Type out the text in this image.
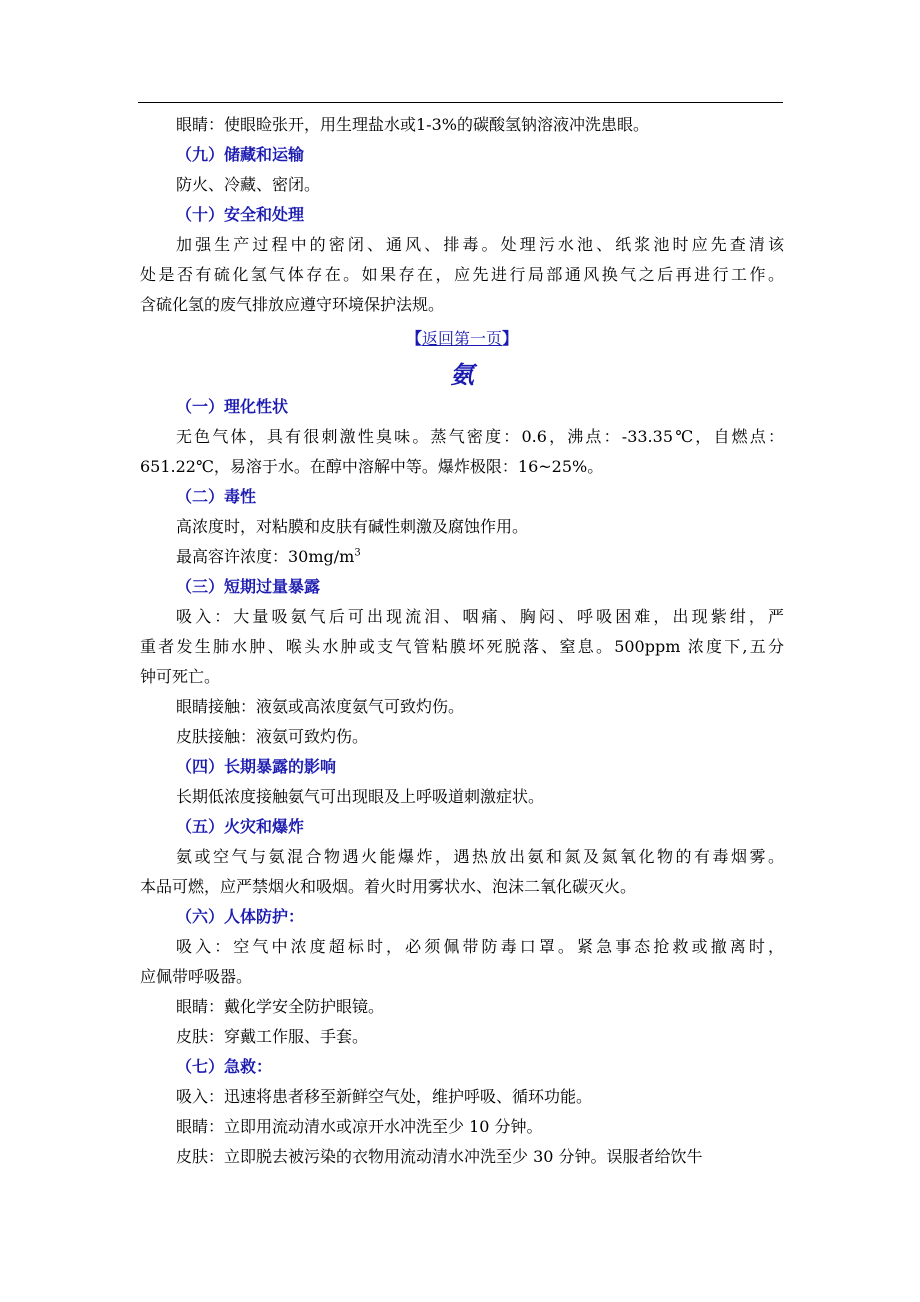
眼睛：使眼睑张开，用生理盐水或1-3%的碳酸氢钠溶液冲洗患眼。
（九）储藏和运输
防火、冷藏、密闭。
（十）安全和处理
加强生产过程中的密闭、通风、排毒。处理污水池、纸浆池时应先查清该
处是否有硫化氢气体存在。如果存在，应先进行局部通风换气之后再进行工作。
含硫化氢的废气排放应遵守环境保护法规。
【返回第一页】
氨
（一）理化性状
无色气体，具有很刺激性臭味。蒸气密度：0.6，沸点：-33.35℃，自燃点：
651.22℃，易溶于水。在醇中溶解中等。爆炸极限：16~25%。
（二）毒性
高浓度时，对粘膜和皮肤有碱性刺激及腐蚀作用。
最高容许浓度：$30mg/m^3$
（三）短期过量暴露
吸入：大量吸氨气后可出现流泪、咽痛、胸闷、呼吸困难，出现紫绀，严
重者发生肺水肿、喉头水肿或支气管粘膜坏死脱落、窒息。500ppm 浓度下,五分
钟可死亡。
眼睛接触：液氨或高浓度氨气可致灼伤。
皮肤接触：液氨可致灼伤。
（四）长期暴露的影响
长期低浓度接触氨气可出现眼及上呼吸道刺激症状。
（五）火灾和爆炸
氨或空气与氨混合物遇火能爆炸，遇热放出氨和氮及氮氧化物的有毒烟雾。
本品可燃，应严禁烟火和吸烟。着火时用雾状水、泡沫二氧化碳灭火。
（六）人体防护：
吸入：空气中浓度超标时，必须佩带防毒口罩。紧急事态抢救或撤离时，
应佩带呼吸器。
眼睛：戴化学安全防护眼镜。
皮肤：穿戴工作服、手套。
（七）急救：
吸入：迅速将患者移至新鲜空气处，维护呼吸、循环功能。
眼睛：立即用流动清水或凉开水冲洗至少 10 分钟。
皮肤：立即脱去被污染的衣物用流动清水冲洗至少 30 分钟。误服者给饮牛
